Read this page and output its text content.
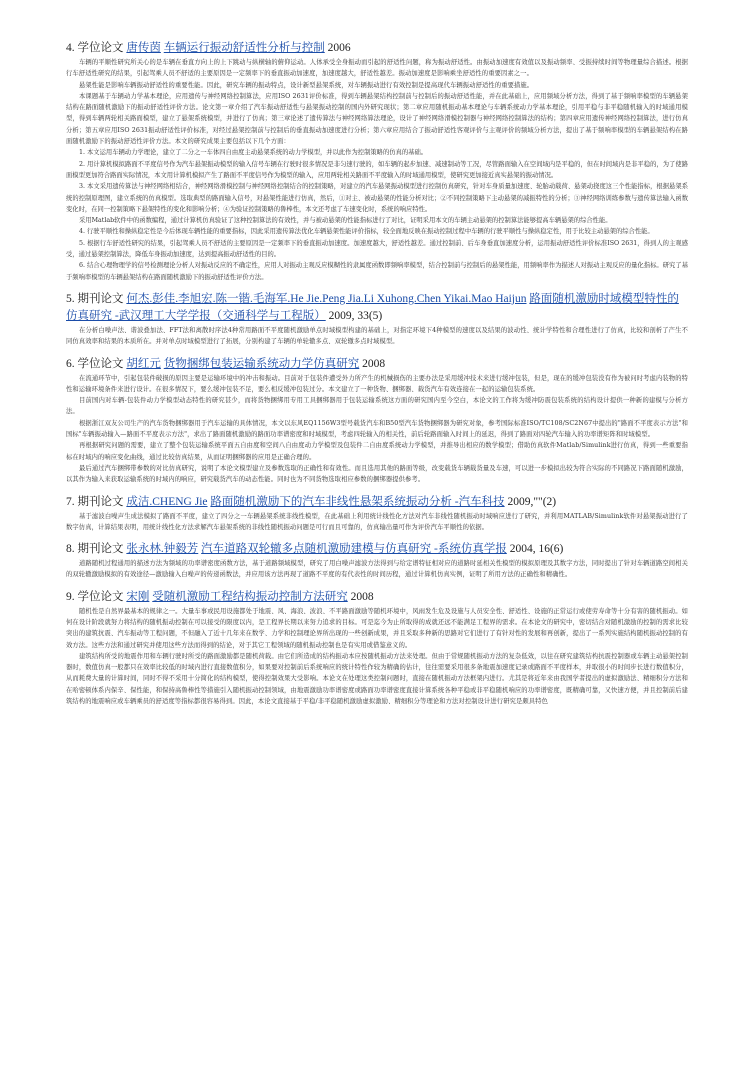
4. 学位论文 唐传茵 车辆运行振动舒适性分析与控制 2006

车辆的平顺性研究所关心的是车辆在垂直方向上的上下跳动与纵横轴的俯仰运动。人体承受全身振动而引起的舒适性问题，称为振动舒适性。由振动加速度有效值以及振动频率、受振持续时间等物理量综合描述。根据行车舒适性研究的结果，引起驾乘人员不舒适的主要原因是一定频率下的垂直振动加速度，加速度越大，舒适性越差。振动加速度是影响乘坐舒适性的重要因素之一。

悬架性能是影响车辆振动舒适性的重要性能。因此，研究车辆的振动特点，设计新型悬架系统，对车辆振动进行有效控制是提高现代车辆振动舒适性的重要措施。

本课题基于车辆动力学基本理论，应用遗传与神经网络控制算法，应用ISO 2631评价标准，得到车辆悬架结构控制前与控制后的振动舒适性能，并在此基础上，应用频域分析方法，得到了基于频响率模型的车辆悬架结构在路面随机激励下的振动舒适性评价方法。论文第一章介绍了汽车振动舒适性与悬架振动控制的国内外研究现状；第二章应用随机振动基本理论与车辆系统动力学基本理论，引用平稳与非平稳随机输入的时域通用模型，得到车辆两轮相关路面模型，建立了悬架系统模型，并进行了仿真；第三章论述了遗传算法与神经网络算法理论，设计了神经网络滑模控制器与神经网络控制算法的结构；第四章应用遗传神经网络控制算法，进行仿真分析；第五章应用ISO 2631振动舒适性评价标准，对经过悬架控制前与控制后的垂直振动加速度进行分析；第六章应用结合了振动舒适性客观评价与主观评价的频域分析方法，提出了基于频响率模型的车辆悬架结构在路面随机激励下的振动舒适性评价方法。本文的研究成果主要包括以下几个方面：

1. 本文运用车辆动力学理论，建立了二分之一车体四自由度主动悬架系统的动力学模型，并以此作为控制策略的仿真的基础。

2. 用计算机模拟路面不平度信号作为汽车悬架振动模型的输入信号车辆在行驶时很多情况是非匀速行驶的，如车辆的起步加速、减速制动等工况，尽管路面输入在空间域内是平稳的，但在时间域内是非平稳的，为了使路面模型更加符合路面实际情况，本文用计算机模拟产生了路面不平度信号作为模型的输入，应用两轮相关路面不平度输入的时域通用模型，使研究更加接近真实悬架的振动情况。

3. 本文采用遗传算法与神经网络相结合，神经网络滑模控制与神经网络控制结合的控制策略，对建立的汽车悬架振动模型进行控制仿真研究，针对车身质量加速度、轮胎动载荷、悬架动挠度这三个性能指标，根据悬架系统的控制原理图，建立系统的仿真模型。选取典型的路面输入信号，对悬架性能进行仿真，然后，①对主、被动悬架的性能分析对比；②不同控制策略下主动悬架的减振特性的分析；③神经网络训练参数与遗传算法输入函数变化时，在同一控制策略下悬架特性的变化和影响分析；④为验证控制策略的鲁棒性，本文还考虑了车速变化时，系统的响应特性。

采用Matlab软件中的函数编程，通过计算机仿真验证了这种控制算法的有效性，并与被动悬架的性能指标进行了对比，证明采用本文的车辆主动悬架的控制算法能够提高车辆悬架的综合性能。

4. 行驶平顺性和操纵稳定性是今后体现车辆性能的重要指标，因此采用遗传算法优化车辆悬架性能评价指标，较全面地反映在振动控制过程中车辆的行驶平顺性与操纵稳定性，用于比较主动悬架的综合性能。

5. 根据行车舒适性研究的结果，引起驾乘人员不舒适的主要原因是一定频率下的垂直振动加速度。加速度越大，舒适性越差。通过控制前、后车身垂直加速度分析，运用振动舒适性评价标准ISO 2631，得到人的主观感受，通过悬架控制算法，降低车身振动加速度，达到提高振动舒适性的目的。

6. 结合心理物理学的信号检测理论分析人对振动反应的不确定性，应用人对振动主观反应模糊性的隶属度函数即频响率模型，结合控制前与控制后的悬架性能，用频响率作为描述人对振动主观反应的量化指标。研究了基于频响率模型的车辆悬架结构在路面随机激励下的振动舒适性评价方法。

5. 期刊论文 何杰.彭佳.李旭宏.陈一锴.毛海军.He Jie.Peng Jia.Li Xuhong.Chen Yikai.Mao Haijun 路面随机激励时域模型特性的仿真研究 -武汉理工大学学报（交通科学与工程版） 2009, 33(5)

在分析白噪声法、谐波叠加法、FFT法和离散时序法4种常用路面不平度随机激励单点时域模型构建的基础上，对指定环境下4种模型的速度以及结果的波动性、统计学特性和合理性进行了仿真，比较和剖析了产生不同仿真效率和结果的本质所在。并对单点时域模型进行了拓展，分别构建了车辆的单轮辙多点、双轮辙多点时域模型。

6. 学位论文 胡红元 货物捆绑包装运输系统动力学仿真研究 2008

在流通环节中，引起包装件破损的原因主要是运输环境中的冲击和振动。目前对于包装件遭受外力所产生的机械损伤的主要办法是采用缓冲技术来进行缓冲包装，但是，现在的缓冲包装没有作为被问时考虑内装物的特性和运输环境条件来进行设计。在很多情况下，要么缓冲包装不足，要么相反缓冲包装过分。本文建立了一种货物、捆绑器、载货汽车有效连接在一起的运输包装系统。

目前国内对车辆-包装件动力学模型动态特性的研究甚少，而将货物捆绑用专用工具捆绑器用于包装运输系统这方面的研究国内至今空白，本论文的工作将为缓冲防震包装系统的结构设计提供一种新的建模与分析方法。

根据浙江双友公司生产的汽车货物捆绑器用于汽车运输的具体情况，本文以东风EQ1156W3型号载货汽车和B50型汽车货物捆绑器为研究对象，参考国际标准ISO/TC108/SC2N67中提出的"路面不平度表示方法"和国标"车辆振动输入—路面不平度表示方法"，求出了路面随机激励的路面功率谱密度和时域模型，考虑四轮输入的相关性，前后轮路面输入时间上的延迟，得到了路面对四轮汽车输入的功率谱矩阵和时域模型。

再根据研究问题的需要，建立了整个包装运输系统平面五自由度和空间八自由度动力学模型及包装件二自由度系统动力学模型，并推导出相应的数学模型；借助仿真软件Matlab/Simulink进行仿真，得到一些重要指标在时域内的响应变化曲线，通过比较仿真结果，从而证明捆绑器的应用是正确合理的。

最后通过汽车捆绑带参数的对比仿真研究，说明了本论文模型建立及参数选取的正确性和有效性。而且选用其他的路面等级，改变载货车辆载货量及车速，可以进一步模拟出较为符合实际的不同路况下路面随机激励，以其作为输入来获取运输系统的时域内的响应，研究载货汽车的动态性能。同时也为不同货物选取相应参数的捆绑器提供参考。

7. 期刊论文 成洁.CHENG Jie 路面随机激励下的汽车非线性悬架系统振动分析 -汽车科技 2009,""(2)

基于滤波白噪声生成法模拟了路面不平度，建立了四分之一车辆悬架系统非线性模型，在此基础上利用统计线性化方法对汽车非线性随机振动时域响应进行了研究，并利用MATLAB/Simulink软件对悬架振动进行了数字仿真，计算结果表明，用统计线性化方法求解汽车悬架系统的非线性随机振动问题是可行而且可靠的，仿真输出量可作为评价汽车平顺性的依据。

8. 期刊论文 张永林.钟毅芳 汽车道路双轮辙多点随机激励建模与仿真研究 -系统仿真学报 2004, 16(6)

道路随机过程通用的描述方法为频域的功率谱密度函数方法，基于道路频域模型，研究了用白噪声滤波方法得到与给定谱特征相对应的道路时延相关性模型的模拟原理及其数字方法，同时提出了针对车辆道路空间相关的双轮辙激励模拟的有效途径—激励输入白噪声的传递函数法，并应用该方法再现了道路不平度的有代表性的时间历程，通过计算机仿真实例，证明了所用方法的正确性和精确性。

9. 学位论文 宋刚 受随机激励工程结构振动控制方法研究 2008

随机性是自然界最基本的规律之一。大量车事或民用设施都处于地震、风、海浪、波浪、不平路面激励等随机环境中，风雨发生危及设施与人员安全性、舒适性、设施的正常运行或使劳寿命等十分有害的随机振动。如何在设计阶段就努力将结构的随机振动控制在可以接受的限度以内，是工程界长期以来努力追求的目标。可是迄今为止所取得的成就还远不能满足工程界的需求。在本论文的研究中，密切结合对随机激励的控制的需求比较突出的建筑抗震、汽车振动等工程问题，不但融入了近十几年来在数学、力学和控制理论界所出现的一些创新成果，并且采取多种新的思路对它们进行了有针对性的发展和再创新，提出了一系列实施结构随机振动控制的有效方法。这些方法和通过研究并使用这些方法而得到的结论，对于其它工程领域的随机振动控制也是有实用或借鉴意义的。

建筑结构所受的地震作用和车辆行驶时所受的路面激励都是随机荷载。由它们所造成的结构振动本应按随机振动方法来处理。但由于常规随机振动方法的复杂低效，以往在研究建筑结构抗震控制器或车辆主动悬架控制器时，数值仿真一般都只在效率比较低的时域内进行直接数值积分，如果要对控制前后系统响应的统计特性作较为精确的估计，往往需要采用很多条地震加速度记录或路面不平度样本，并取很小的时间步长进行数值积分，从而耗费大量的计算时间，同时不得不采用十分简化的结构模型，使得控制效果大受影响。本论文在处理这类控制问题时，直接在随机振动方法框架内进行。尤其是将近年来由我国学者提出的虚拟激励法、精细积分方法和在哈密顿体系内保辛、保性能，和保持高鲁棒性等措施引入随机振动控制领域，由地震激励功率谱密度或路面功率谱密度直接计算系统各种平稳或非平稳随机响应的功率谱密度，既精确可靠，又快速方便，并且控制前后建筑结构的地震响应或车辆乘员的舒适度等指标都很容易得到。因此，本论文直接基于平稳/非平稳随机激励虚拟激励、精细积分等理论和方法对控制设计进行研究是颇具特色
